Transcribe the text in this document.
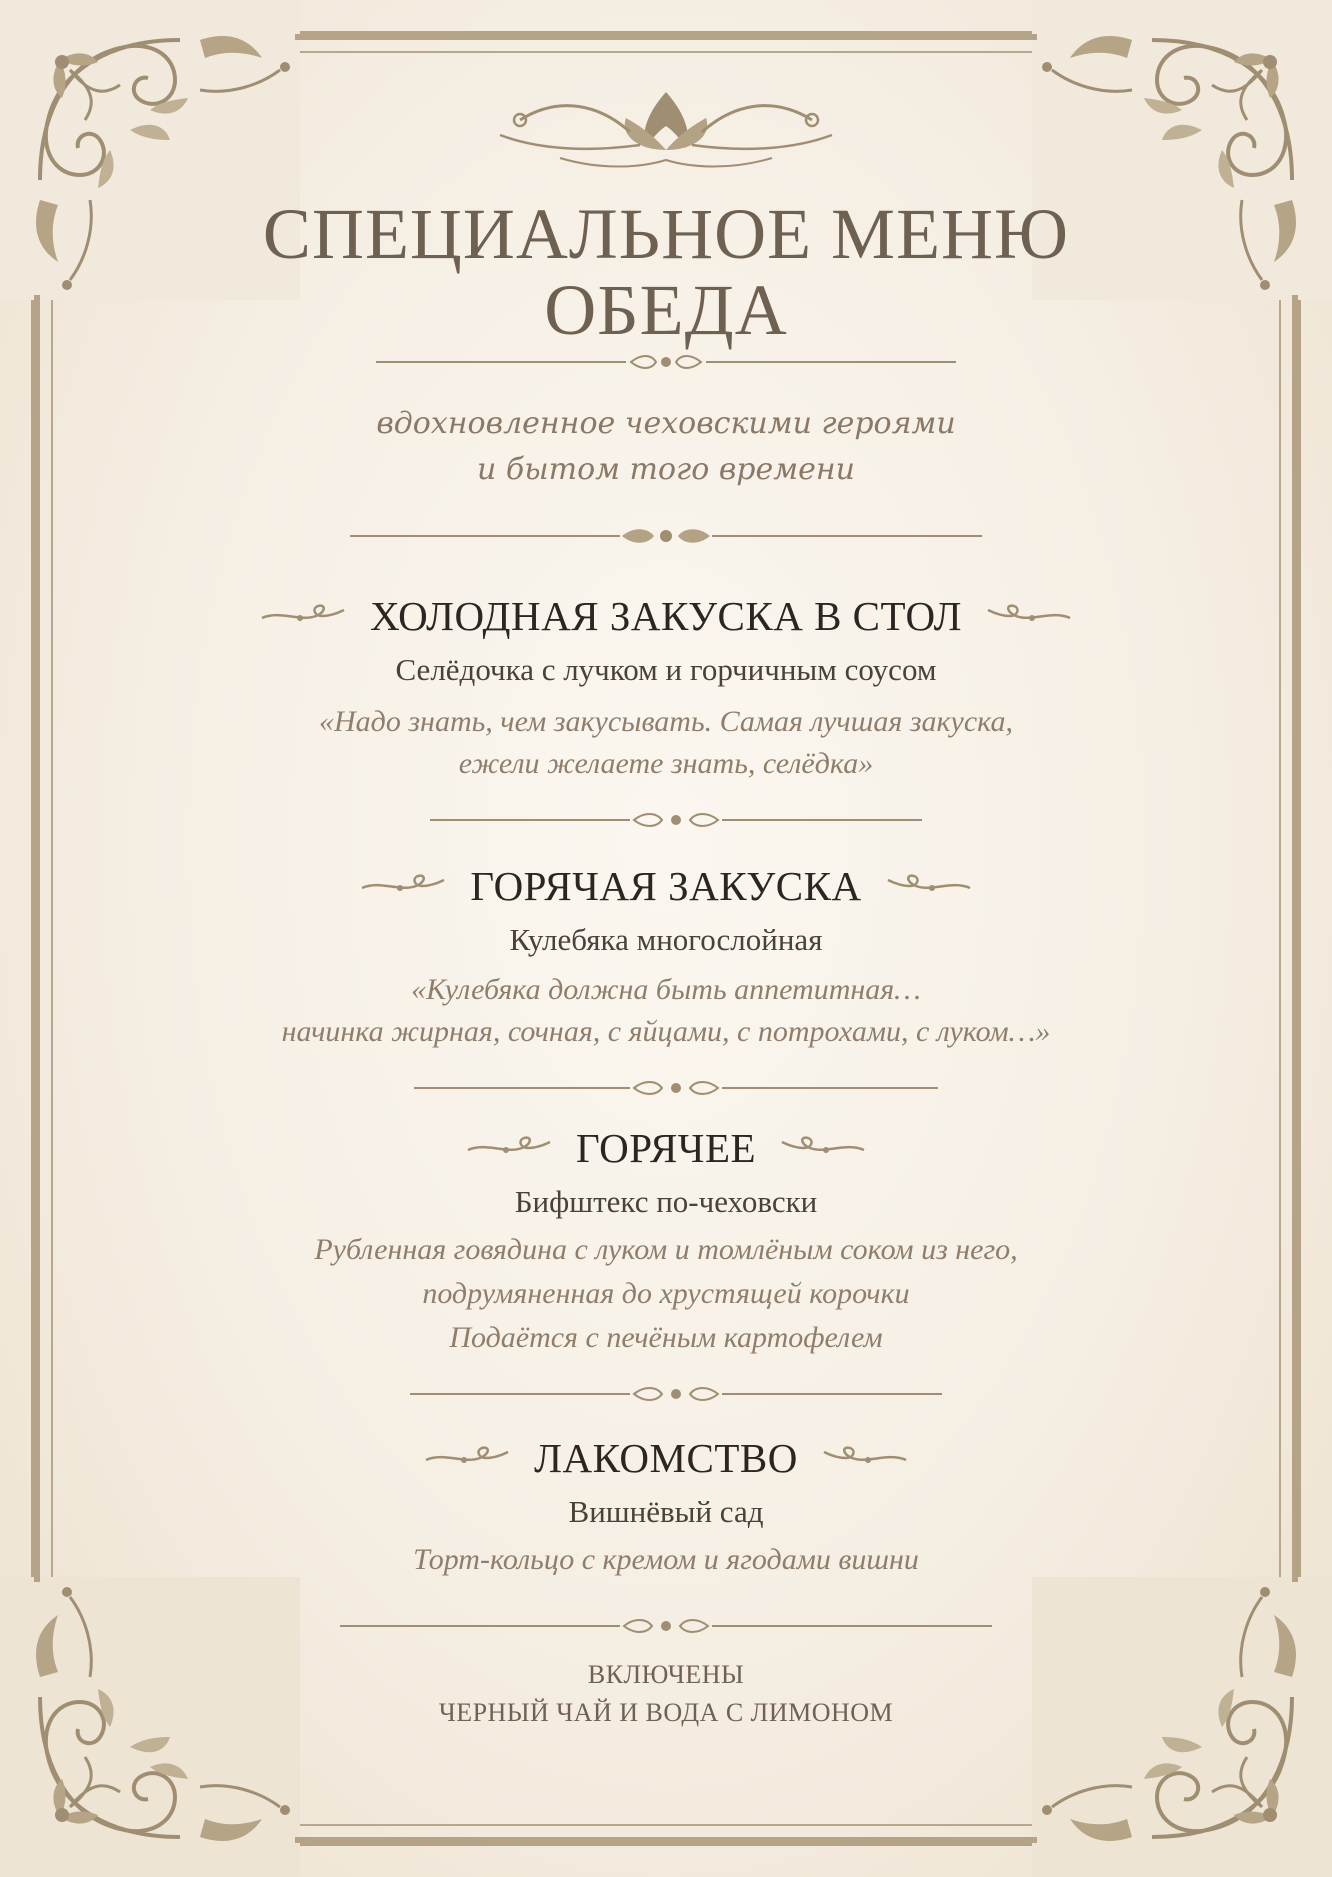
СПЕЦИАЛЬНОЕ МЕНЮ
ОБЕДА
вдохновленное чеховскими героями
и бытом того времени
ХОЛОДНАЯ ЗАКУСКА В СТОЛ
Селёдочка с лучком и горчичным соусом
«Надо знать, чем закусывать. Самая лучшая закуска,
ежели желаете знать, селёдка»
ГОРЯЧАЯ ЗАКУСКА
Кулебяка многослойная
«Кулебяка должна быть аппетитная…
начинка жирная, сочная, с яйцами, с потрохами, с луком…»
ГОРЯЧЕЕ
Бифштекс по-чеховски
Рубленная говядина с луком и томлёным соком из него,
подрумяненная до хрустящей корочки
Подаётся с печёным картофелем
ЛАКОМСТВО
Вишнёвый сад
Торт-кольцо с кремом и ягодами вишни
ВКЛЮЧЕНЫ
ЧЕРНЫЙ ЧАЙ И ВОДА С ЛИМОНОМ
